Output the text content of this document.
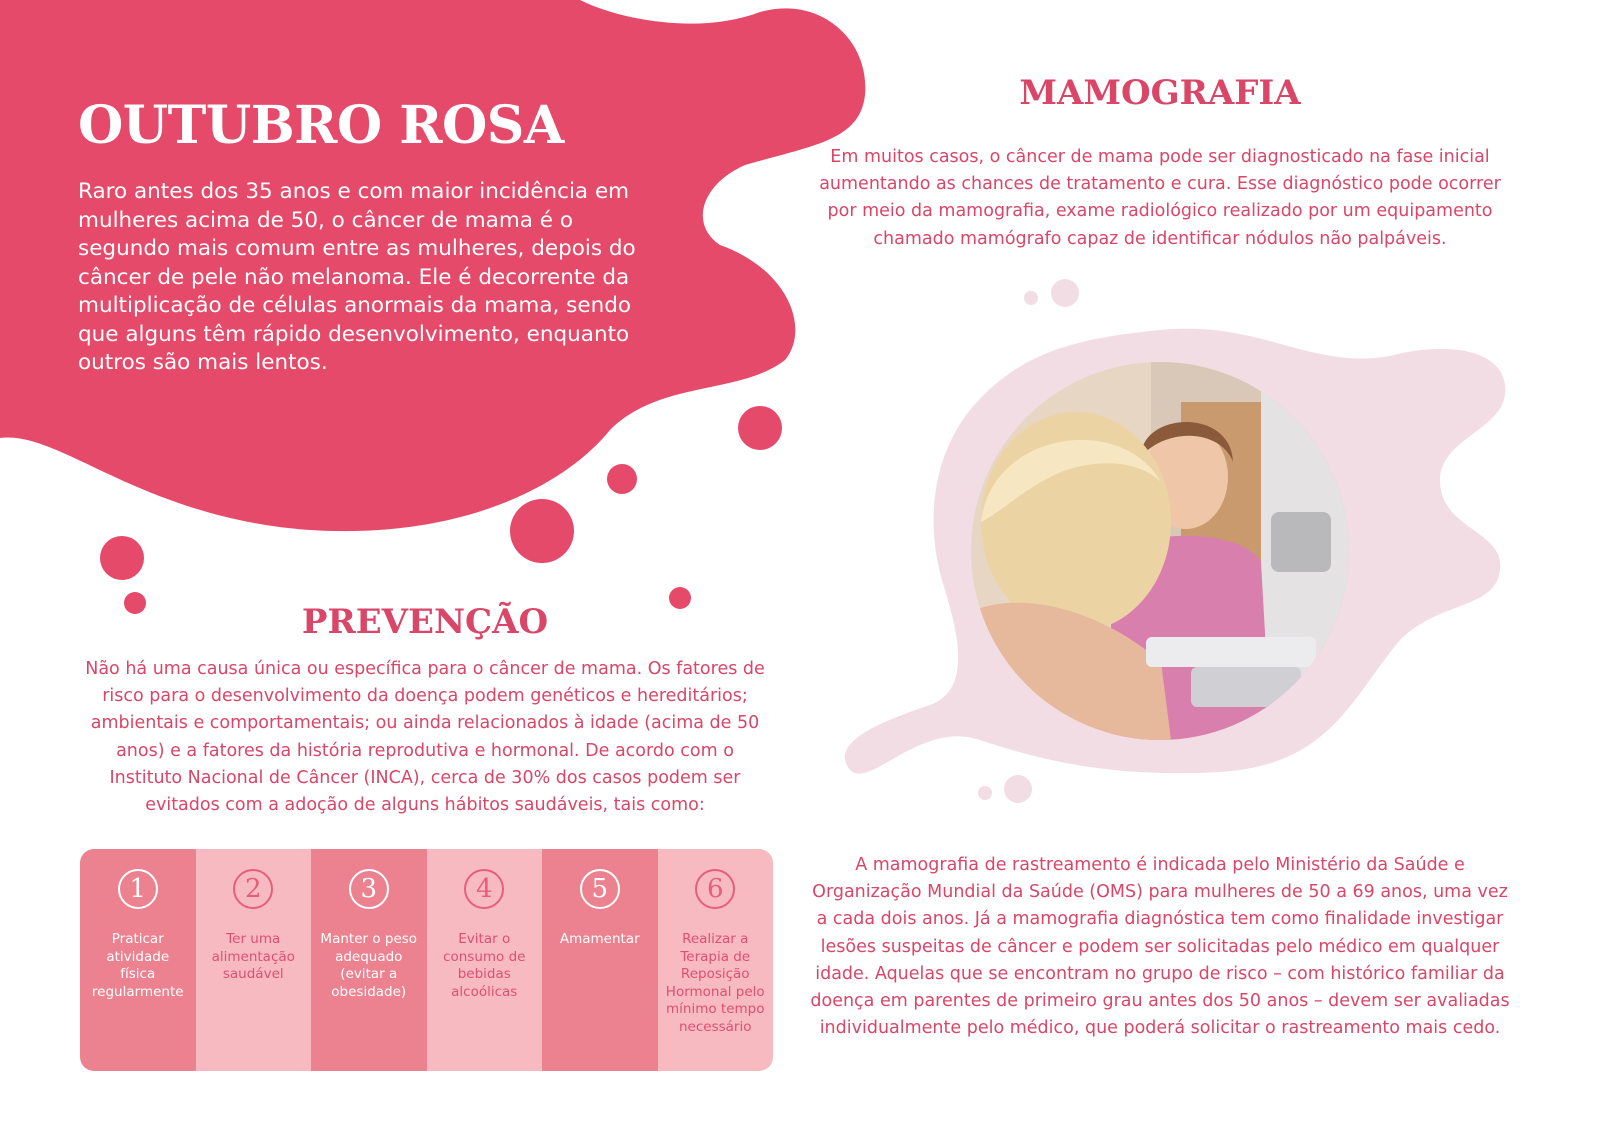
OUTUBRO ROSA

Raro antes dos 35 anos e com maior incidência em mulheres acima de 50, o câncer de mama é o segundo mais comum entre as mulheres, depois do câncer de pele não melanoma. Ele é decorrente da multiplicação de células anormais da mama, sendo que alguns têm rápido desenvolvimento, enquanto outros são mais lentos.

PREVENÇÃO

Não há uma causa única ou específica para o câncer de mama. Os fatores de risco para o desenvolvimento da doença podem genéticos e hereditários; ambientais e comportamentais; ou ainda relacionados à idade (acima de 50 anos) e a fatores da história reprodutiva e hormonal. De acordo com o Instituto Nacional de Câncer (INCA), cerca de 30% dos casos podem ser evitados com a adoção de alguns hábitos saudáveis, tais como:

1
Praticar atividade física regularmente
2
Ter uma alimentação saudável
3
Manter o peso adequado (evitar a obesidade)
4
Evitar o consumo de bebidas alcoólicas
5
Amamentar
6
Realizar a Terapia de Reposição Hormonal pelo mínimo tempo necessário
MAMOGRAFIA

Em muitos casos, o câncer de mama pode ser diagnosticado na fase inicial aumentando as chances de tratamento e cura. Esse diagnóstico pode ocorrer por meio da mamografia, exame radiológico realizado por um equipamento chamado mamógrafo capaz de identificar nódulos não palpáveis.

A mamografia de rastreamento é indicada pelo Ministério da Saúde e Organização Mundial da Saúde (OMS) para mulheres de 50 a 69 anos, uma vez a cada dois anos. Já a mamografia diagnóstica tem como finalidade investigar lesões suspeitas de câncer e podem ser solicitadas pelo médico em qualquer idade. Aquelas que se encontram no grupo de risco – com histórico familiar da doença em parentes de primeiro grau antes dos 50 anos – devem ser avaliadas individualmente pelo médico, que poderá solicitar o rastreamento mais cedo.
